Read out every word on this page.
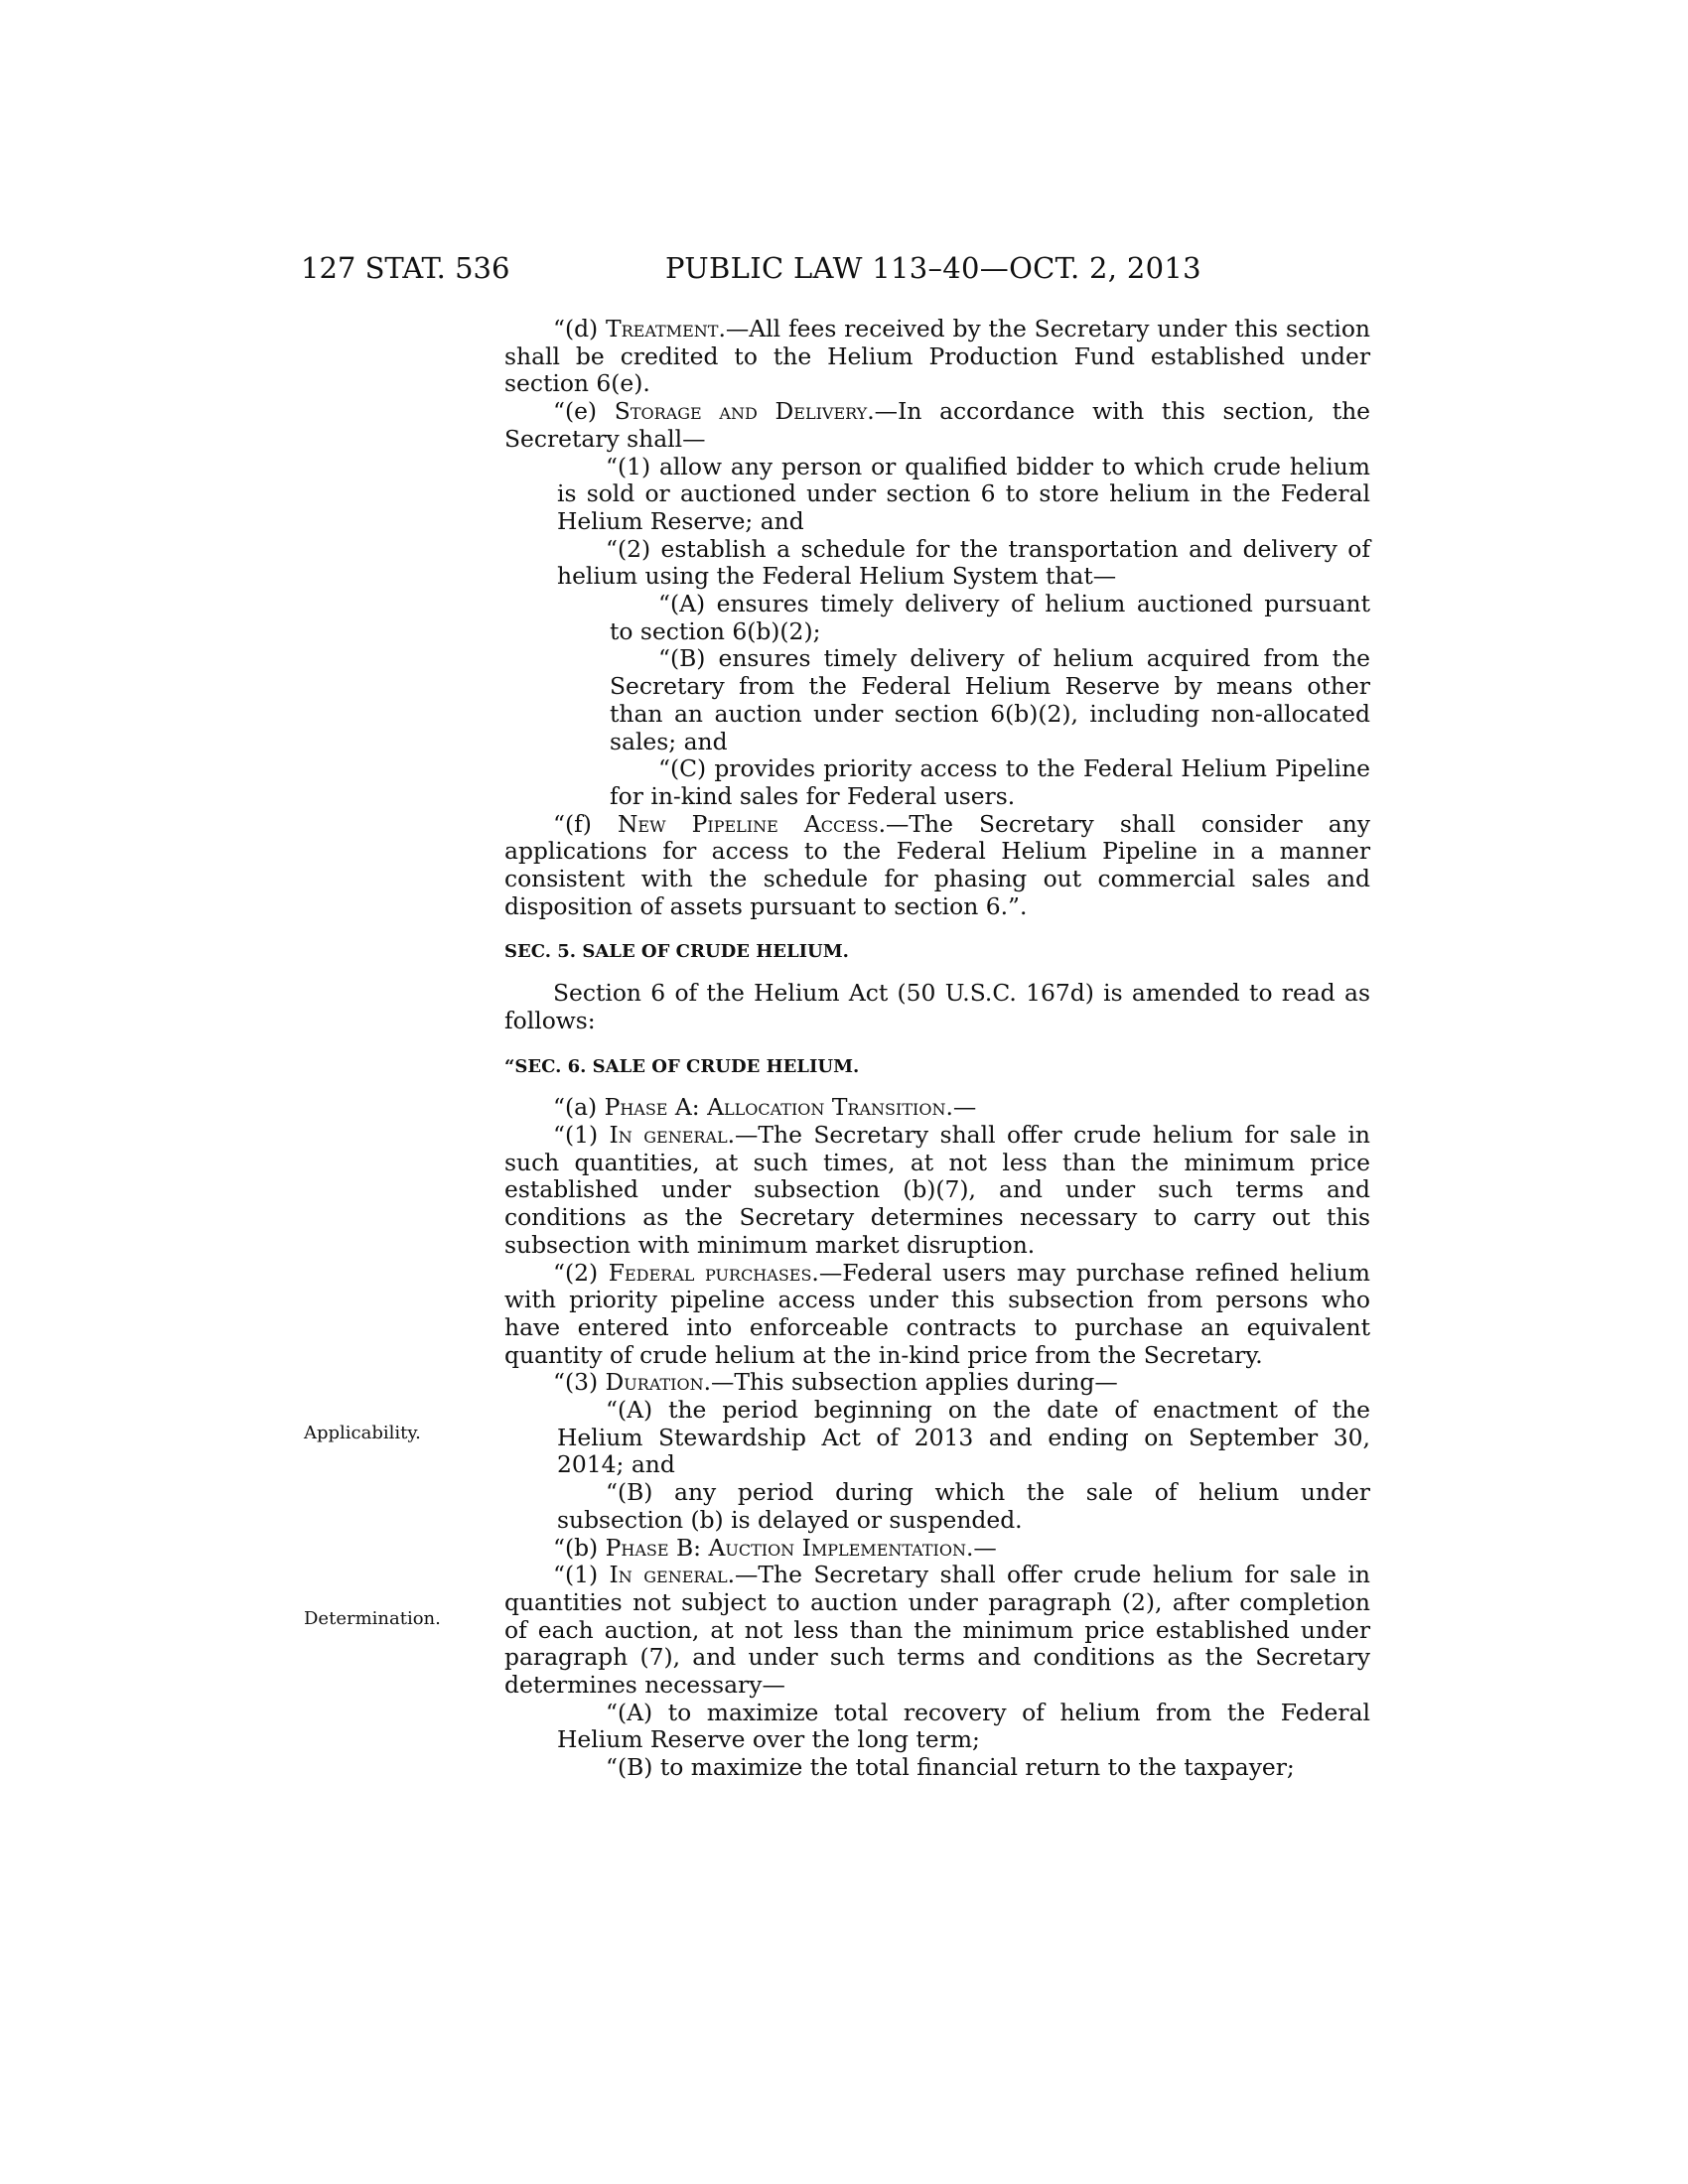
127 STAT. 536	PUBLIC LAW 113–40—OCT. 2, 2013
Applicability.
Determination.

“(d) Treatment.—All fees received by the Secretary under this section shall be credited to the Helium Production Fund established under section 6(e).

“(e) Storage and Delivery.—In accordance with this section, the Secretary shall—

“(1) allow any person or qualified bidder to which crude helium is sold or auctioned under section 6 to store helium in the Federal Helium Reserve; and

“(2) establish a schedule for the transportation and delivery of helium using the Federal Helium System that—

“(A) ensures timely delivery of helium auctioned pursuant to section 6(b)(2);

“(B) ensures timely delivery of helium acquired from the Secretary from the Federal Helium Reserve by means other than an auction under section 6(b)(2), including non-allocated sales; and

“(C) provides priority access to the Federal Helium Pipeline for in-kind sales for Federal users.

“(f) New Pipeline Access.—The Secretary shall consider any applications for access to the Federal Helium Pipeline in a manner consistent with the schedule for phasing out commercial sales and disposition of assets pursuant to section 6.”.

SEC. 5. SALE OF CRUDE HELIUM.

Section 6 of the Helium Act (50 U.S.C. 167d) is amended to read as follows:

“SEC. 6. SALE OF CRUDE HELIUM.

“(a) Phase A: Allocation Transition.—

“(1) In general.—The Secretary shall offer crude helium for sale in such quantities, at such times, at not less than the minimum price established under subsection (b)(7), and under such terms and conditions as the Secretary determines necessary to carry out this subsection with minimum market disruption.

“(2) Federal purchases.—Federal users may purchase refined helium with priority pipeline access under this subsection from persons who have entered into enforceable contracts to purchase an equivalent quantity of crude helium at the in-kind price from the Secretary.

“(3) Duration.—This subsection applies during—

“(A) the period beginning on the date of enactment of the Helium Stewardship Act of 2013 and ending on September 30, 2014; and

“(B) any period during which the sale of helium under subsection (b) is delayed or suspended.

“(b) Phase B: Auction Implementation.—

“(1) In general.—The Secretary shall offer crude helium for sale in quantities not subject to auction under paragraph (2), after completion of each auction, at not less than the minimum price established under paragraph (7), and under such terms and conditions as the Secretary determines necessary—

“(A) to maximize total recovery of helium from the Federal Helium Reserve over the long term;

“(B) to maximize the total financial return to the taxpayer;
